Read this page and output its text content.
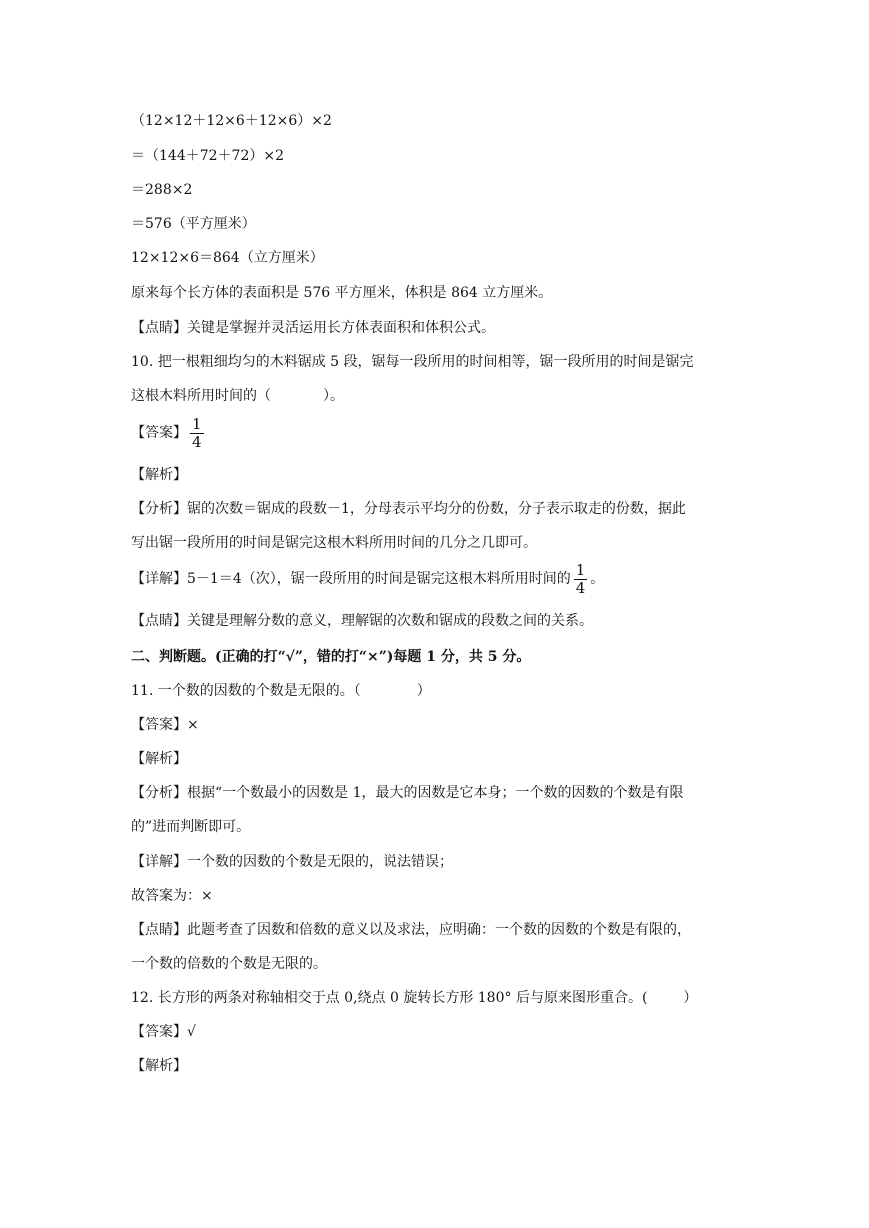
（12×12＋12×6＋12×6）×2
＝（144＋72＋72）×2
＝288×2
＝576（平方厘米）
12×12×6＝864（立方厘米）
原来每个长方体的表面积是 576 平方厘米，体积是 864 立方厘米。
【点睛】关键是掌握并灵活运用长方体表面积和体积公式。
10. 把一根粗细均匀的木料锯成 5 段，锯每一段所用的时间相等，锯一段所用的时间是锯完
这根木料所用时间的（	）。
【答案】 $\frac{1}{4}$
【解析】
【分析】锯的次数＝锯成的段数－1，分母表示平均分的份数，分子表示取走的份数，据此
写出锯一段所用的时间是锯完这根木料所用时间的几分之几即可。
【详解】5－1＝4（次），锯一段所用的时间是锯完这根木料所用时间的 $\frac{1}{4}$ 。
【点睛】关键是理解分数的意义，理解锯的次数和锯成的段数之间的关系。
二、判断题。(正确的打“√”，错的打“×”)每题 1 分，共 5 分。
11. 一个数的因数的个数是无限的。（	）
【答案】×
【解析】
【分析】根据“一个数最小的因数是 1，最大的因数是它本身；一个数的因数的个数是有限
的”进而判断即可。
【详解】一个数的因数的个数是无限的，说法错误；
故答案为：×
【点睛】此题考查了因数和倍数的意义以及求法，应明确：一个数的因数的个数是有限的，
一个数的倍数的个数是无限的。
12. 长方形的两条对称轴相交于点 0,绕点 0 旋转长方形 180° 后与原来图形重合。(	）
【答案】√
【解析】
